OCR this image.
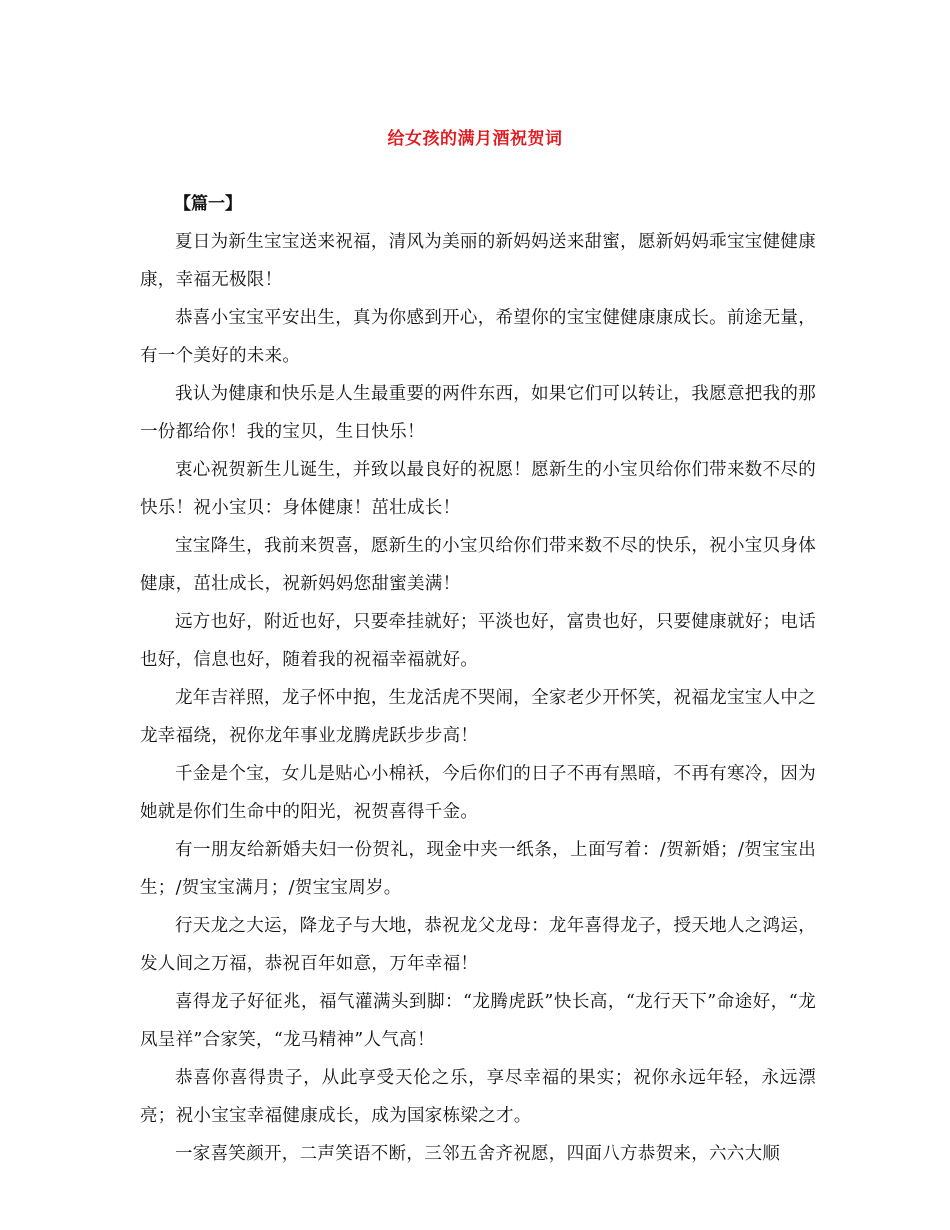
给女孩的满月酒祝贺词
【篇一】

夏日为新生宝宝送来祝福，清风为美丽的新妈妈送来甜蜜，愿新妈妈乖宝宝健健康康，幸福无极限！

恭喜小宝宝平安出生，真为你感到开心，希望你的宝宝健健康康成长。前途无量，有一个美好的未来。

我认为健康和快乐是人生最重要的两件东西，如果它们可以转让，我愿意把我的那一份都给你！我的宝贝，生日快乐！

衷心祝贺新生儿诞生，并致以最良好的祝愿！愿新生的小宝贝给你们带来数不尽的快乐！祝小宝贝：身体健康！茁壮成长！

宝宝降生，我前来贺喜，愿新生的小宝贝给你们带来数不尽的快乐，祝小宝贝身体健康，茁壮成长，祝新妈妈您甜蜜美满！

远方也好，附近也好，只要牵挂就好；平淡也好，富贵也好，只要健康就好；电话也好，信息也好，随着我的祝福幸福就好。

龙年吉祥照，龙子怀中抱，生龙活虎不哭闹，全家老少开怀笑，祝福龙宝宝人中之龙幸福绕，祝你龙年事业龙腾虎跃步步高！

千金是个宝，女儿是贴心小棉袄，今后你们的日子不再有黑暗，不再有寒冷，因为她就是你们生命中的阳光，祝贺喜得千金。

有一朋友给新婚夫妇一份贺礼，现金中夹一纸条，上面写着：/贺新婚；/贺宝宝出生；/贺宝宝满月；/贺宝宝周岁。

行天龙之大运，降龙子与大地，恭祝龙父龙母：龙年喜得龙子，授天地人之鸿运，发人间之万福，恭祝百年如意，万年幸福！

喜得龙子好征兆，福气灌满头到脚：“龙腾虎跃”快长高，“龙行天下”命途好，“龙凤呈祥”合家笑，“龙马精神”人气高！

恭喜你喜得贵子，从此享受天伦之乐，享尽幸福的果实；祝你永远年轻，永远漂亮；祝小宝宝幸福健康成长，成为国家栋梁之才。

一家喜笑颜开，二声笑语不断，三邻五舍齐祝愿，四面八方恭贺来，六六大顺
